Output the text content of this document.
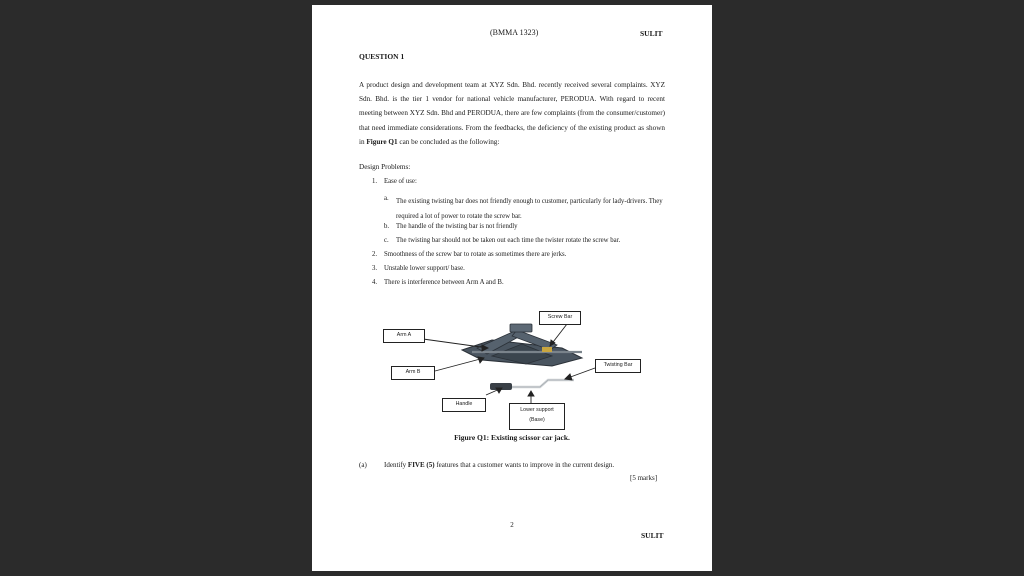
(BMMA 1323)	SULIT
QUESTION 1
A product design and development team at XYZ Sdn. Bhd. recently received several complaints. XYZ Sdn. Bhd. is the tier 1 vendor for national vehicle manufacturer, PERODUA. With regard to recent meeting between XYZ Sdn. Bhd and PERODUA, there are few complaints (from the consumer/customer) that need immediate considerations. From the feedbacks, the deficiency of the existing product as shown in Figure Q1 can be concluded as the following:
Design Problems:
1. Ease of use:
a. The existing twisting bar does not friendly enough to customer, particularly for lady-drivers. They required a lot of power to rotate the screw bar.
b. The handle of the twisting bar is not friendly
c. The twisting bar should not be taken out each time the twister rotate the screw bar.
2. Smoothness of the screw bar to rotate as sometimes there are jerks.
3. Unstable lower support/ base.
4. There is interference between Arm A and B.
Screw Bar
Arm A
Arm B
Twisting Bar
Handle
Lower support
(Base)
Figure Q1: Existing scissor car jack.
(a) Identify FIVE (5) features that a customer wants to improve in the current design.
[5 marks]
2
SULIT
